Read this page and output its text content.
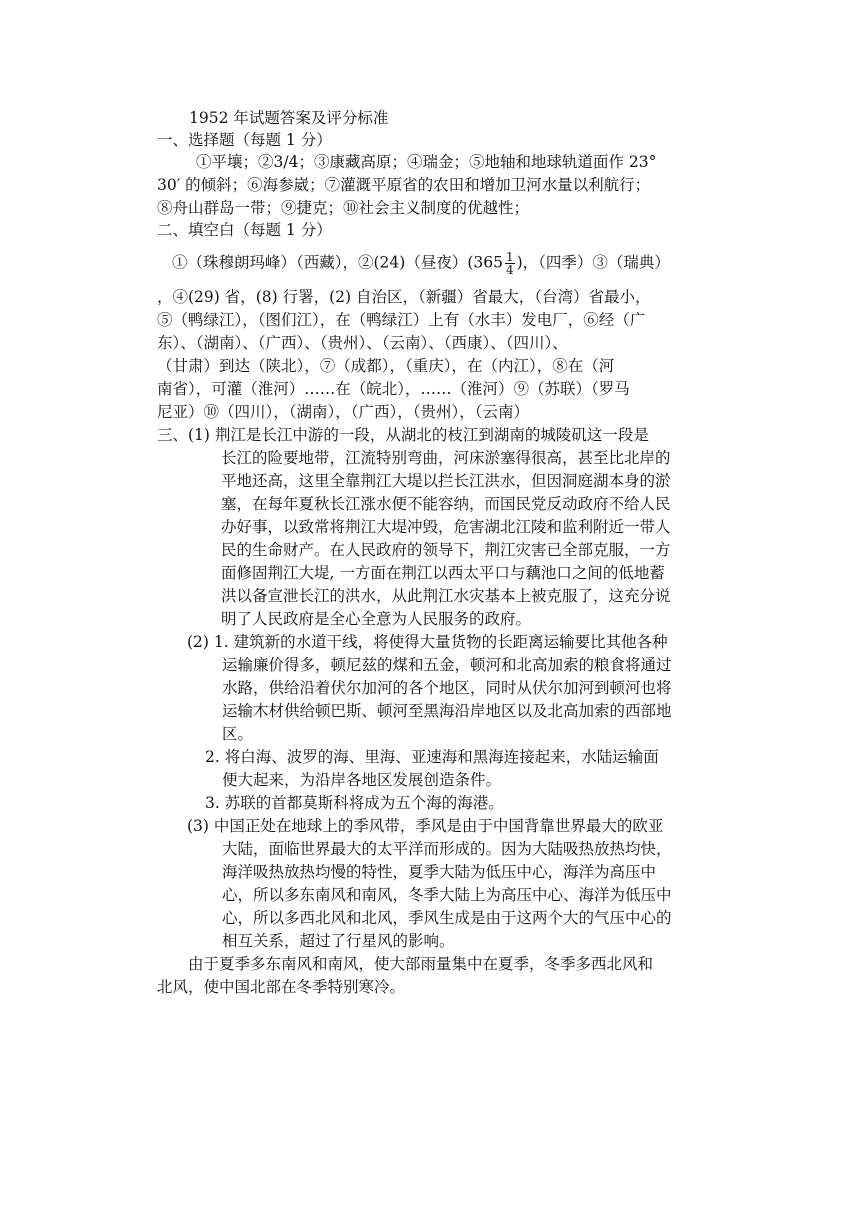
1952 年试题答案及评分标准
一、选择题（每题 1 分）
①平壤；②3/4；③康藏高原；④瑞金；⑤地轴和地球轨道面作 23°
30′ 的倾斜；⑥海参崴；⑦灌溉平原省的农田和增加卫河水量以利航行；
⑧舟山群岛一带；⑨捷克；⑩社会主义制度的优越性；
二、填空白（每题 1 分）
①（珠穆朗玛峰）（西藏），②(24)（昼夜）($365 \frac{1}{4}$ )，（四季）③（瑞典）
，④(29) 省，(8) 行署，(2) 自治区，（新疆）省最大，（台湾）省最小，
⑤（鸭绿江），（图们江），在（鸭绿江）上有（水丰）发电厂，⑥经（广
东）、（湖南）、（广西）、（贵州）、（云南）、（西康）、（四川）、
（甘肃）到达（陕北），⑦（成都），（重庆），在（内江），⑧在（河
南省），可灌（淮河）……在（皖北），……（淮河）⑨（苏联）（罗马
尼亚）⑩（四川），（湖南），（广西），（贵州），（云南）
三、(1) 荆江是长江中游的一段，从湖北的枝江到湖南的城陵矶这一段是
长江的险要地带，江流特别弯曲，河床淤塞得很高，甚至比北岸的
平地还高，这里全靠荆江大堤以拦长江洪水，但因洞庭湖本身的淤
塞，在每年夏秋长江涨水便不能容纳，而国民党反动政府不给人民
办好事，以致常将荆江大堤冲毁，危害湖北江陵和监利附近一带人
民的生命财产。在人民政府的领导下，荆江灾害已全部克服，一方
面修固荆江大堤, 一方面在荆江以西太平口与藕池口之间的低地蓄
洪以备宣泄长江的洪水，从此荆江水灾基本上被克服了，这充分说
明了人民政府是全心全意为人民服务的政府。
(2) 1. 建筑新的水道干线，将使得大量货物的长距离运输要比其他各种
运输廉价得多，顿尼兹的煤和五金，顿河和北高加索的粮食将通过
水路，供给沿着伏尔加河的各个地区，同时从伏尔加河到顿河也将
运输木材供给顿巴斯、顿河至黑海沿岸地区以及北高加索的西部地
区。
2. 将白海、波罗的海、里海、亚速海和黑海连接起来，水陆运输面
便大起来，为沿岸各地区发展创造条件。
3. 苏联的首都莫斯科将成为五个海的海港。
(3) 中国正处在地球上的季风带，季风是由于中国背靠世界最大的欧亚
大陆，面临世界最大的太平洋而形成的。因为大陆吸热放热均快，
海洋吸热放热均慢的特性，夏季大陆为低压中心，海洋为高压中
心，所以多东南风和南风，冬季大陆上为高压中心、海洋为低压中
心，所以多西北风和北风，季风生成是由于这两个大的气压中心的
相互关系，超过了行星风的影响。
由于夏季多东南风和南风，使大部雨量集中在夏季，冬季多西北风和
北风，使中国北部在冬季特别寒冷。
